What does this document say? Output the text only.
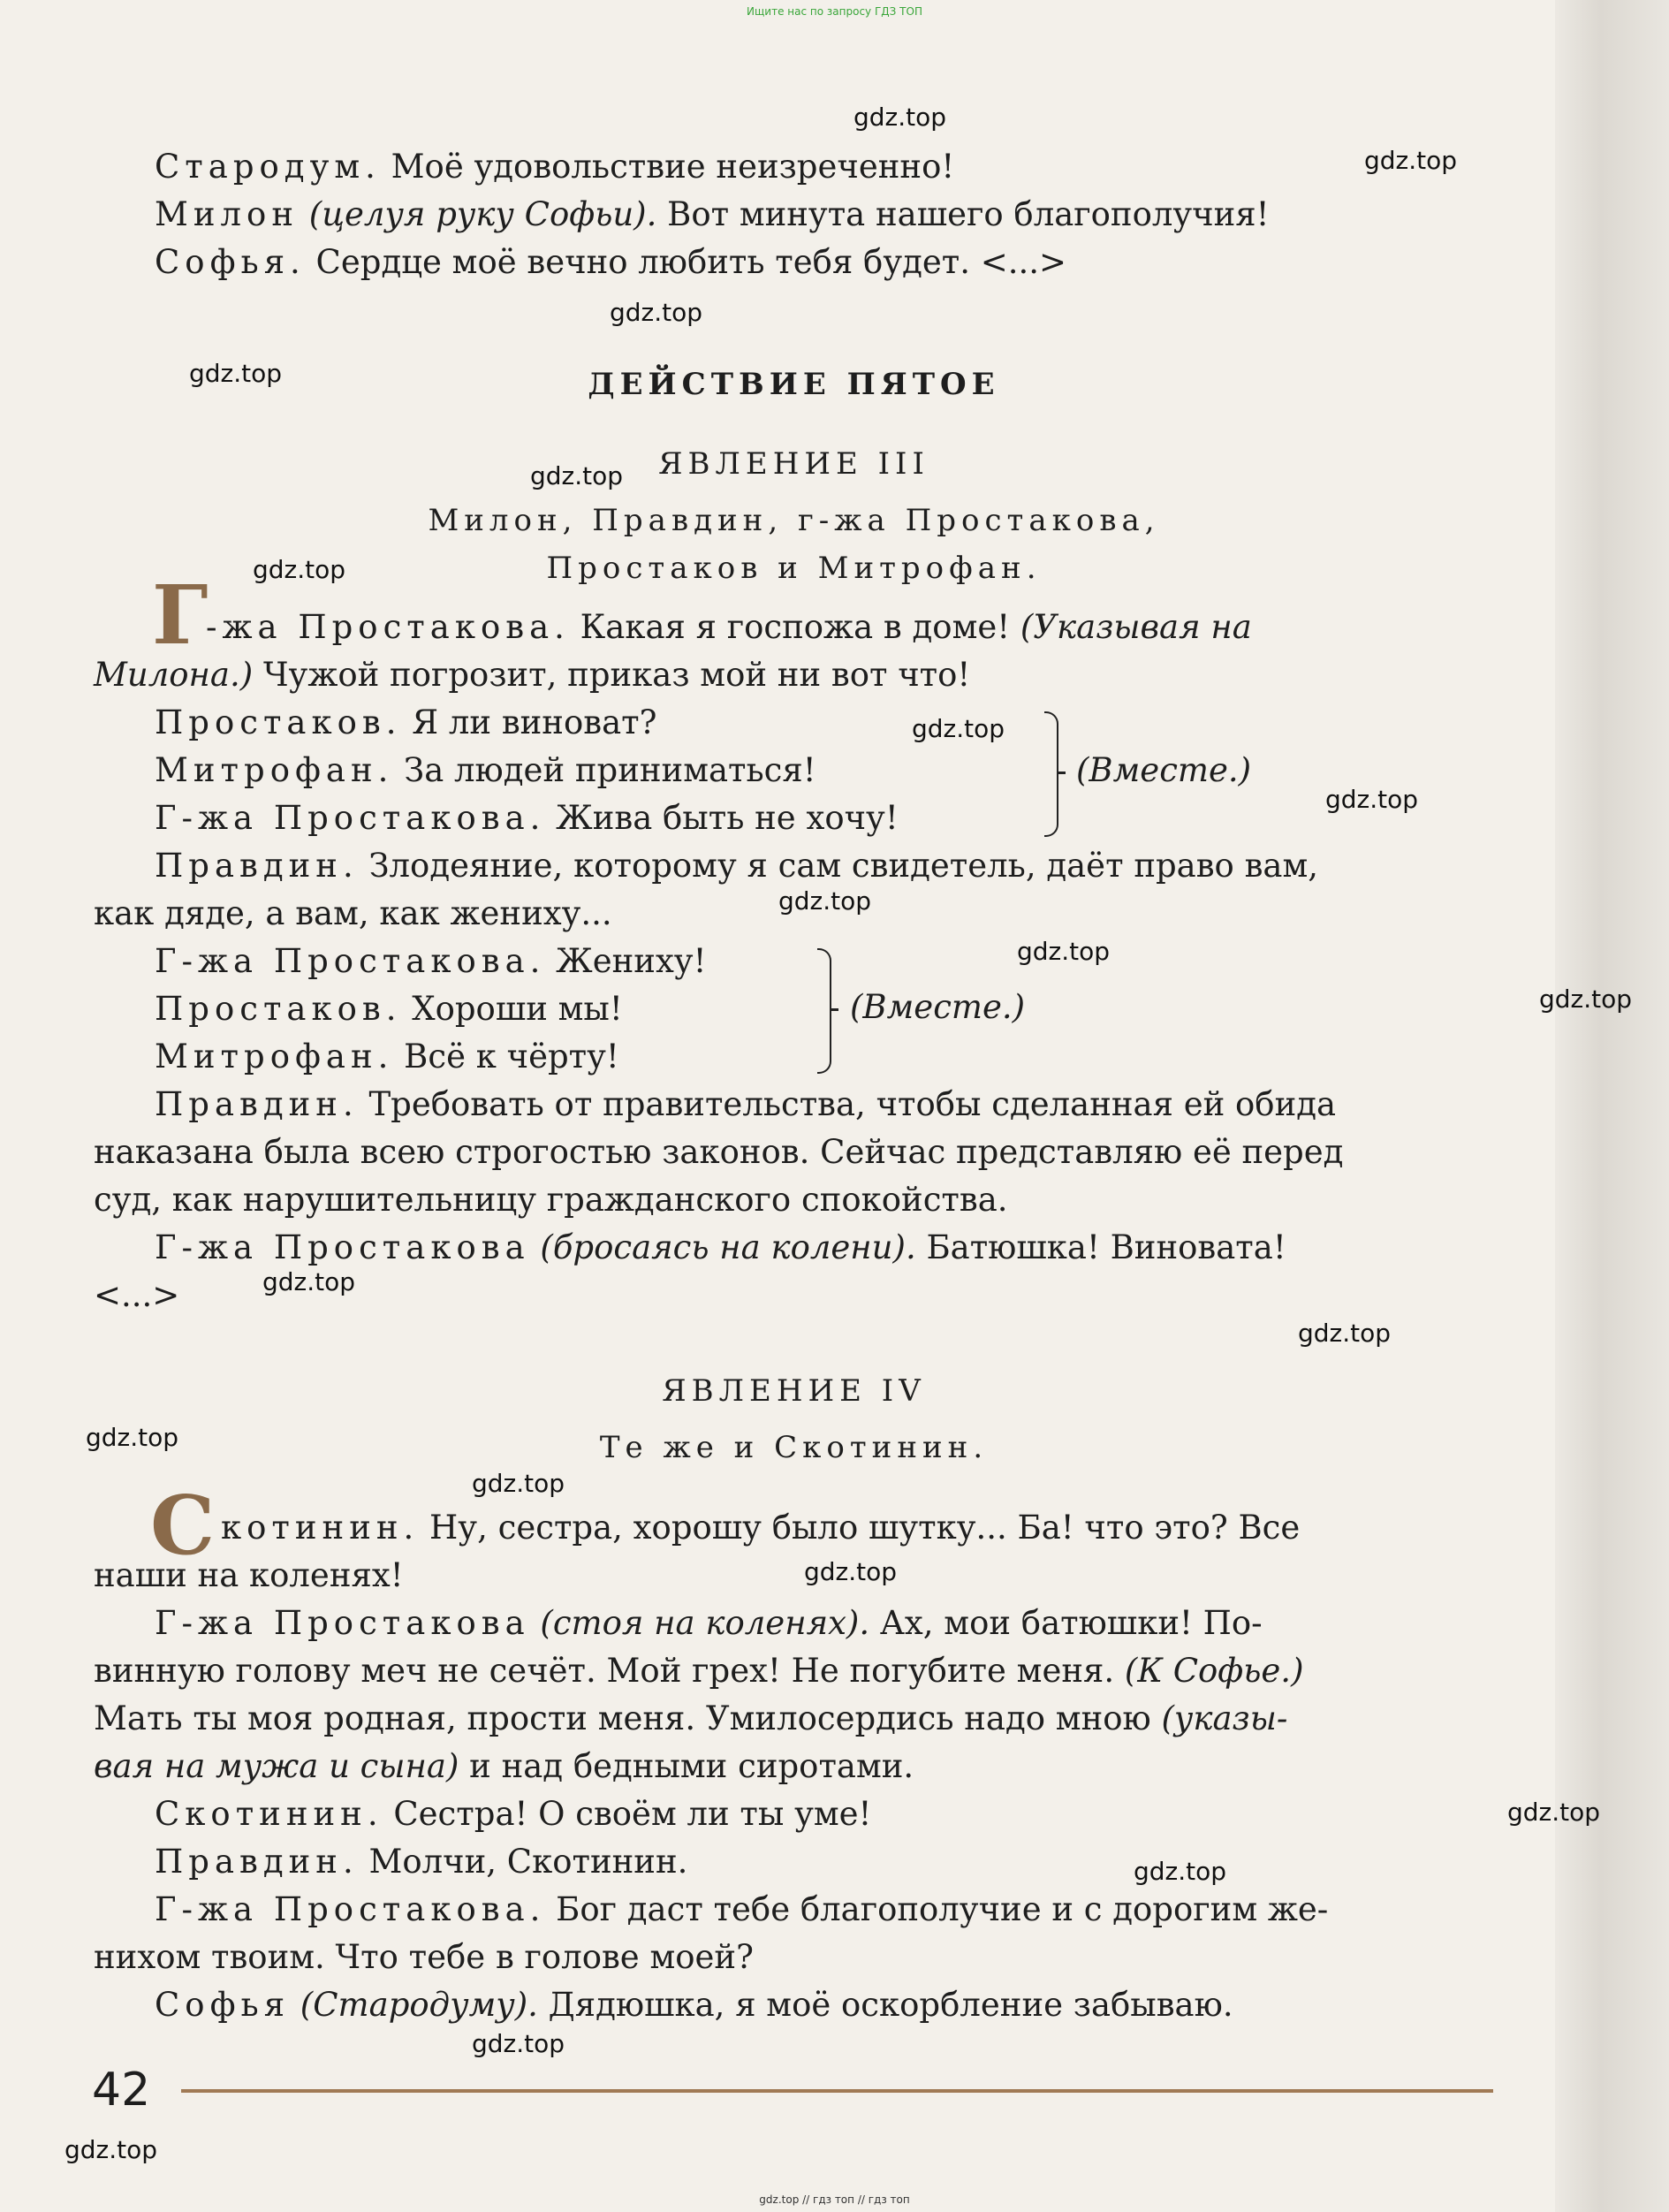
Ищите нас по запросу ГДЗ ТОП
Стародум. Моё удовольствие неизреченно!
Милон (целуя руку Софьи). Вот минута нашего благополучия!
Софья. Сердце моё вечно любить тебя будет. <...>
ДЕЙСТВИЕ ПЯТОЕ
ЯВЛЕНИЕ III
Милон, Правдин, г-жа Простакова,
Простаков и Митрофан.
Г
-жа Простакова. Какая я госпожа в доме! (Указывая на
Милона.) Чужой погрозит, приказ мой ни вот что!
Простаков. Я ли виноват?
Митрофан. За людей приниматься!
Г-жа Простакова. Жива быть не хочу!
(Вместе.)
Правдин. Злодеяние, которому я сам свидетель, даёт право вам,
как дяде, а вам, как жениху...
Г-жа Простакова. Жениху!
Простаков. Хороши мы!
Митрофан. Всё к чёрту!
(Вместе.)
Правдин. Требовать от правительства, чтобы сделанная ей обида
наказана была всею строгостью законов. Сейчас представляю её перед
суд, как нарушительницу гражданского спокойства.
Г-жа Простакова (бросаясь на колени). Батюшка! Виновата!
<...>
ЯВЛЕНИЕ IV
Те же и Скотинин.
С котинин. Ну, сестра, хорошу было шутку... Ба! что это? Все
наши на коленях!
Г-жа Простакова (стоя на коленях). Ах, мои батюшки! По-
винную голову меч не сечёт. Мой грех! Не погубите меня. (К Софье.)
Мать ты моя родная, прости меня. Умилосердись надо мною (указы-
вая на мужа и сына) и над бедными сиротами.
Скотинин. Сестра! О своём ли ты уме!
Правдин. Молчи, Скотинин.
Г-жа Простакова. Бог даст тебе благополучие и с дорогим же-
нихом твоим. Что тебе в голове моей?
Софья (Стародуму). Дядюшка, я моё оскорбление забываю.
42
gdz.top
gdz.top
gdz.top
gdz.top
gdz.top
gdz.top
gdz.top
gdz.top
gdz.top
gdz.top
gdz.top
gdz.top
gdz.top
gdz.top
gdz.top
gdz.top
gdz.top
gdz.top
gdz.top
gdz.top
gdz.top // гдз топ // гдз топ
